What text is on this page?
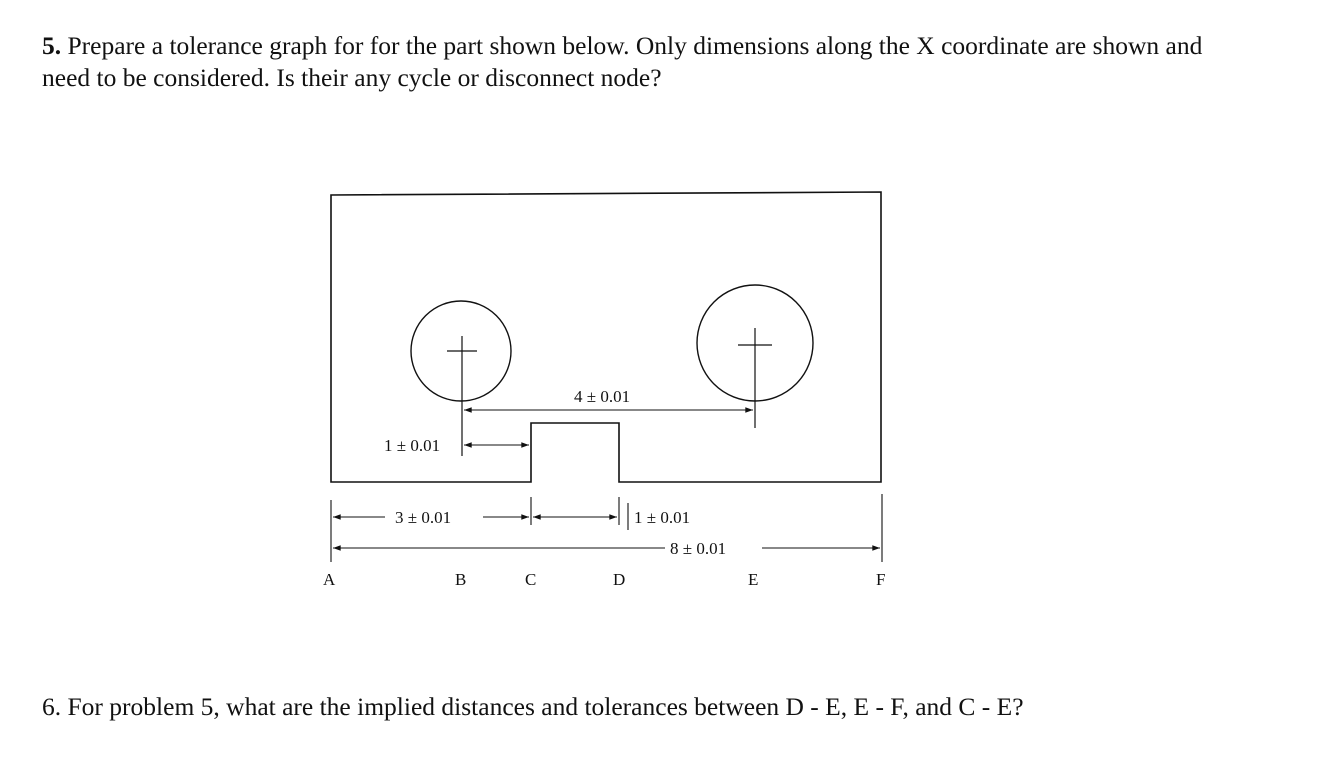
5. Prepare a tolerance graph for for the part shown below. Only dimensions along the X coordinate are shown and need to be considered. Is their any cycle or disconnect node?
4 ± 0.01
1 ± 0.01
3 ± 0.01	1 ± 0.01
8 ± 0.01
A	B	C	D	E	F
6. For problem 5, what are the implied distances and tolerances between D - E, E - F, and C - E?
